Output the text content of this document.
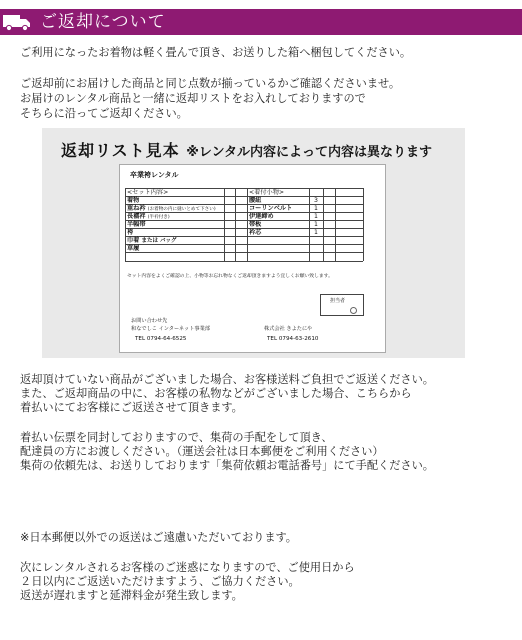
ご返却について
ご利用になったお着物は軽く畳んで頂き、お送りした箱へ梱包してください。
ご返却前にお届けした商品と同じ点数が揃っているかご確認くださいませ。
お届けのレンタル商品と一緒に返却リストをお入れしておりますので
そちらに沿ってご返却ください。
返却リスト見本 ※レンタル内容によって内容は異なります
卒業袴レンタル
<セット内容>
着物
重ね衿 (お着物の内に縫いとめて下さい)
長襦袢 (半衿付き)
半幅帯
袴
巾着 または バッグ
草履
<着付小物>
腰紐
コーリンベルト
伊達締め
帯板
衿芯
3
1
1
1
1
セット内容をよくご確認の上、小物等お忘れ物なくご返却頂きますよう宜しくお願い致します。
担当者
お問い合わせ先
和なでしこ インターネット事業部
TEL 0794-64-6525
株式会社 きよたにや
TEL 0794-63-2610
返却頂けていない商品がございました場合、お客様送料ご負担でご返送ください。
また、ご返却商品の中に、お客様の私物などがございました場合、こちらから
着払いにてお客様にご返送させて頂きます。
着払い伝票を同封しておりますので、集荷の手配をして頂き、
配達員の方にお渡しください。（運送会社は日本郵便をご利用ください）
集荷の依頼先は、お送りしております「集荷依頼お電話番号」にて手配ください。
※日本郵便以外での返送はご遠慮いただいております。
次にレンタルされるお客様のご迷惑になりますので、ご使用日から
２日以内にご返送いただけますよう、ご協力ください。
返送が遅れますと延滞料金が発生致します。
